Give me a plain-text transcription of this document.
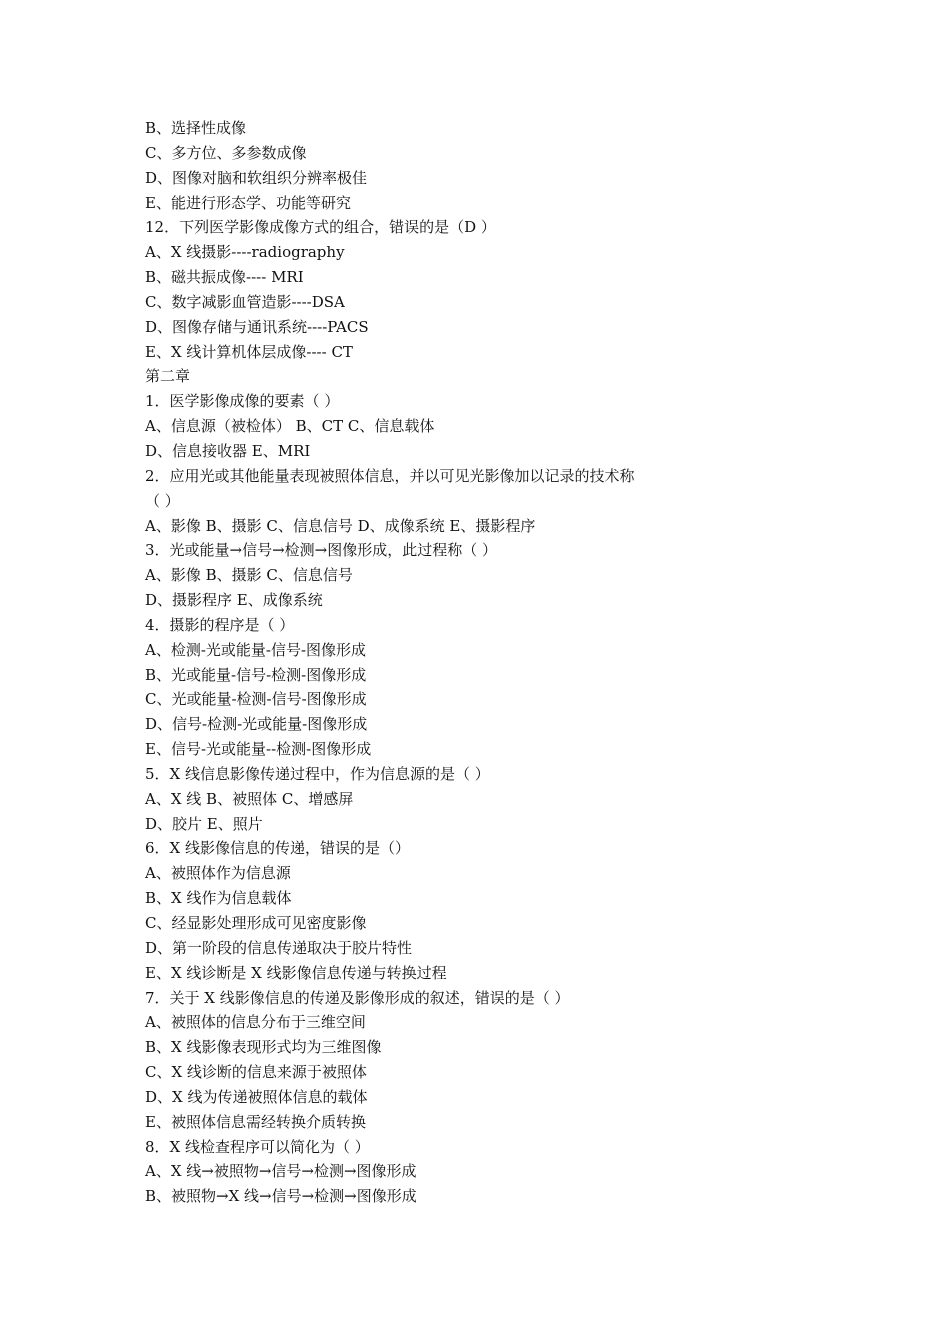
B、选择性成像

C、多方位、多参数成像

D、图像对脑和软组织分辨率极佳

E、能进行形态学、功能等研究

12．下列医学影像成像方式的组合，错误的是（D ）

A、X 线摄影----radiography

B、磁共振成像---- MRI

C、数字减影血管造影----DSA

D、图像存储与通讯系统----PACS

E、X 线计算机体层成像---- CT

第二章

1．医学影像成像的要素（ ）

A、信息源（被检体） B、CT C、信息载体

D、信息接收器 E、MRI

2．应用光或其他能量表现被照体信息，并以可见光影像加以记录的技术称

（ ）

A、影像 B、摄影 C、信息信号 D、成像系统 E、摄影程序

3．光或能量→信号→检测→图像形成，此过程称（ ）

A、影像 B、摄影 C、信息信号

D、摄影程序 E、成像系统

4．摄影的程序是（ ）

A、检测-光或能量-信号-图像形成

B、光或能量-信号-检测-图像形成

C、光或能量-检测-信号-图像形成

D、信号-检测-光或能量-图像形成

E、信号-光或能量--检测-图像形成

5．X 线信息影像传递过程中，作为信息源的是（ ）

A、X 线 B、被照体 C、增感屏

D、胶片 E、照片

6．X 线影像信息的传递，错误的是（）

A、被照体作为信息源

B、X 线作为信息载体

C、经显影处理形成可见密度影像

D、第一阶段的信息传递取决于胶片特性

E、X 线诊断是 X 线影像信息传递与转换过程

7．关于 X 线影像信息的传递及影像形成的叙述，错误的是（ ）

A、被照体的信息分布于三维空间

B、X 线影像表现形式均为三维图像

C、X 线诊断的信息来源于被照体

D、X 线为传递被照体信息的载体

E、被照体信息需经转换介质转换

8．X 线检查程序可以简化为（ ）

A、X 线→被照物→信号→检测→图像形成

B、被照物→X 线→信号→检测→图像形成
